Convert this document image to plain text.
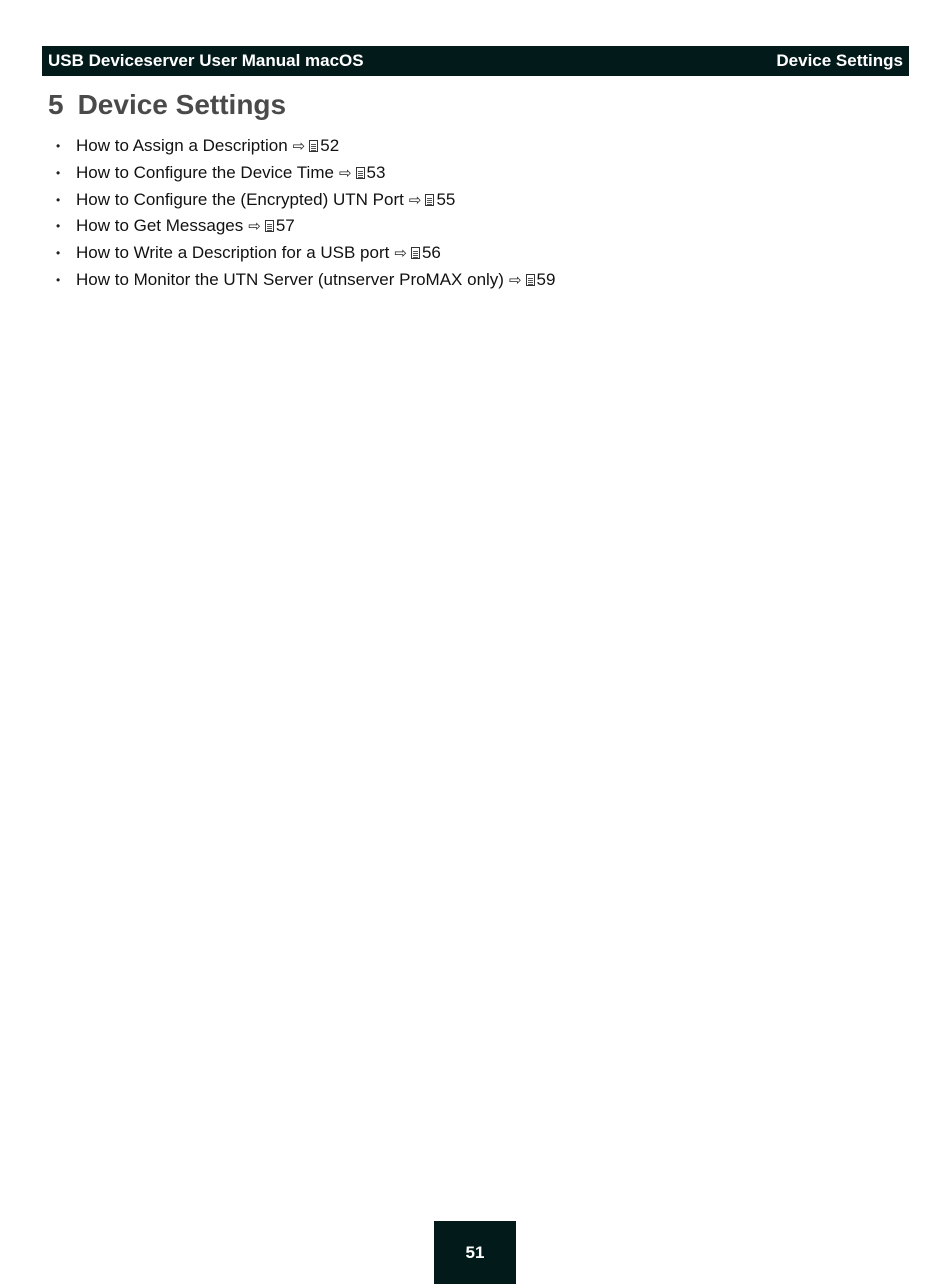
USB Deviceserver User Manual macOS	Device Settings
5 Device Settings
• How to Assign a Description ⇨ 52
• How to Configure the Device Time ⇨ 53
• How to Configure the (Encrypted) UTN Port ⇨ 55
• How to Get Messages ⇨ 57
• How to Write a Description for a USB port ⇨ 56
• How to Monitor the UTN Server (utnserver ProMAX only) ⇨ 59
51
